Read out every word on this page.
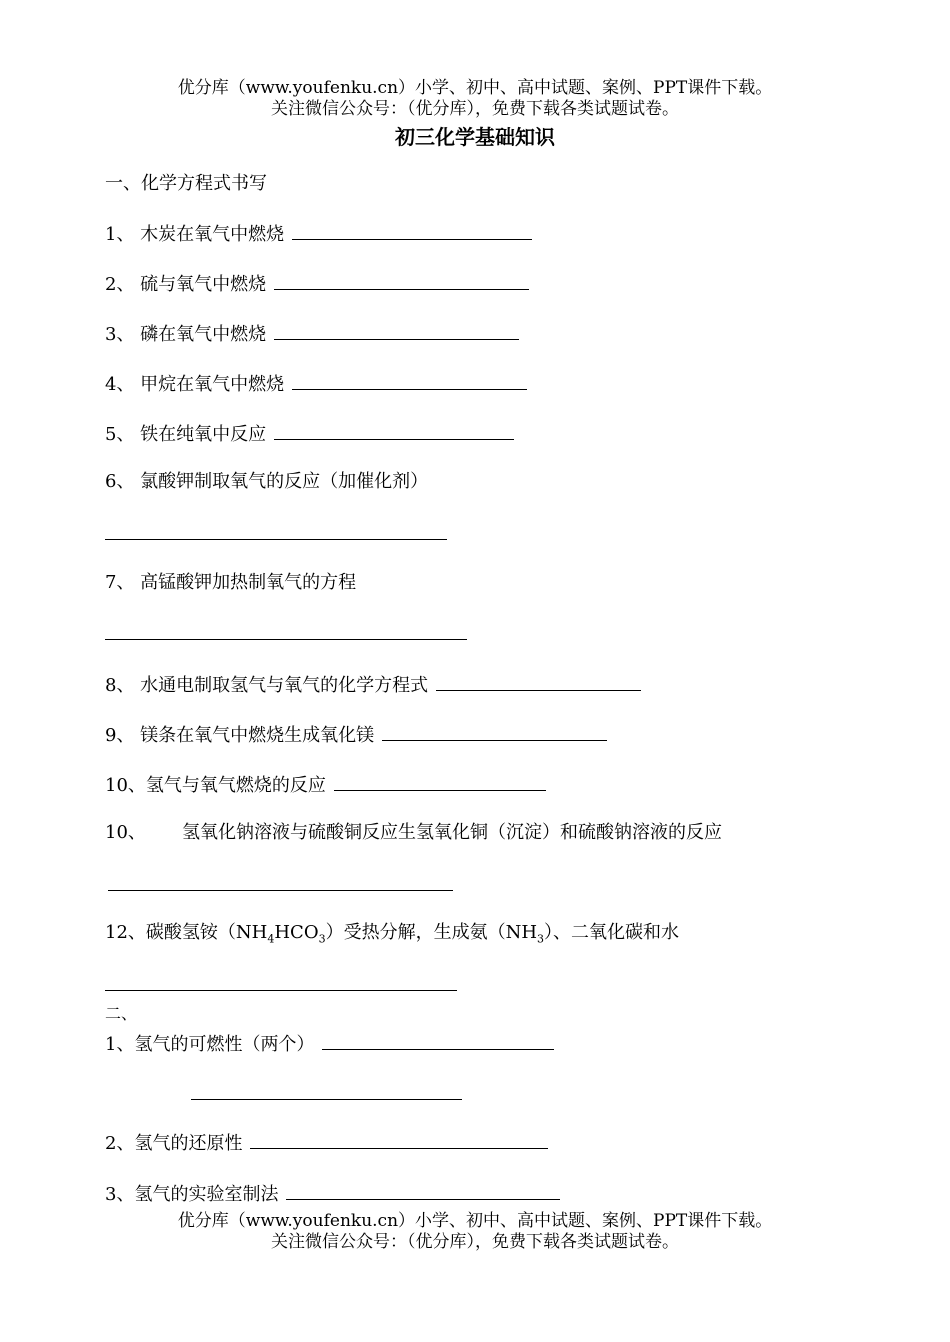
优分库（www.youfenku.cn）小学、初中、高中试题、案例、PPT课件下载。
关注微信公众号：（优分库），免费下载各类试题试卷。
初三化学基础知识
一、化学方程式书写
1、 木炭在氧气中燃烧
2、 硫与氧气中燃烧
3、 磷在氧气中燃烧
4、 甲烷在氧气中燃烧
5、 铁在纯氧中反应
6、 氯酸钾制取氧气的反应（加催化剂）
7、 高锰酸钾加热制氧气的方程
8、 水通电制取氢气与氧气的化学方程式
9、 镁条在氧气中燃烧生成氧化镁
10、氢气与氧气燃烧的反应
10、 氢氧化钠溶液与硫酸铜反应生氢氧化铜（沉淀）和硫酸钠溶液的反应
12、碳酸氢铵$(NH_4HCO_3)$受热分解，生成氨$(NH_3)$、二氧化碳和水
二、
1、氢气的可燃性（两个）
2、氢气的还原性
3、氢气的实验室制法
优分库（www.youfenku.cn）小学、初中、高中试题、案例、PPT课件下载。
关注微信公众号：（优分库），免费下载各类试题试卷。
